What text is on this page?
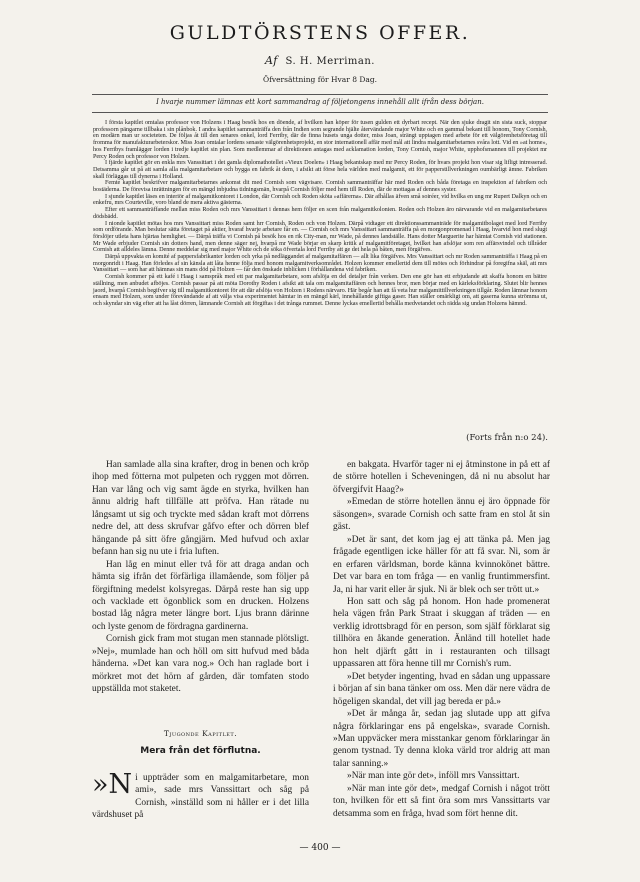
GULDTÖRSTENS OFFER.
Af S. H. Merriman.
Öfversättning för Hvar 8 Dag.
I hvarje nummer lämnas ett kort sammandrag af följetongens innehåll allt ifrån dess början.

I första kapitlet omtalas professor von Holzens i Haag besök hos en döende, af hvilken han köper för tusen gulden ett dyrbart recept. När den sjuke dragit sin sista suck, stoppar professorn pängarne tillbaka i sin plånbok. I andra kapitlet sammanträffa den från Indien som segrande hjälte återvändande major White och en gammal bekant till honom, Tony Cornish, en modärn man ur societeten. De följas åt till den senares onkel, lord Ferriby, där de finna husets unga dotter, miss Joan, strängt upptagen med arbete för ett välgörenhetsföretag till fromma för manufakturarbeterskor. Miss Joan omtalar lordens senaste välgörenhetsprojekt, en stor internationell affär med mål att lindra malgamitarbetarnes svåra lott. Vid en »at home», hos Ferribys framlägger lorden i tredje kapitlet sin plan. Som medlemmar af direktionen antagas med acklamation lorden, Tony Cornish, major White, upphofsmannen till projektet mr Percy Roden och professor von Holzen.

I fjärde kapitlet gör en enkla mrs Vanssittart i det gamla diplomathotellet »Vieux Doelen» i Haag bekantskap med mr Percy Roden, för hvars projekt hon visar sig lifligt intresserad. Detsamma går ut på att samla alla malgamitarbetare och bygga en fabrik åt dem, i afsikt att förse hela världen med malgamit, ett för papperstillverkningen oumbärligt ämne. Fabriken skall förläggas till dynerna i Holland.

Femte kapitlet beskrifver malgamitarbetarnes ankomst dit med Cornish som vägvisare. Cornish sammanträffar här med Roden och båda företaga en inspektion af fabriken och bostäderna. De förevisa inrättningen för en mängd inbjudna tidningsmän, hvarpå Cornish följer med hem till Roden, där de mottagas af dennes syster.

I sjunde kapitlet läses en interiör af malgamitkontoret i London, där Cornish och Roden sköta »affärerna». Där afhållas äfven små soiréer, vid hvilka en ung mr Rupert Dalkyn och en enkefru, mrs Courteville, voro bland de mera aktiva gästerna.

Efter ett sammanträffande mellan miss Roden och mrs Vanssittart i dennas hem följer en scen från malgamitkolonien. Roden och Holzen äro närvarande vid en malgamitarbetares dödsbädd.

I nionde kapitlet mötas hos mrs Vanssittart miss Roden samt hrr Cornish, Roden och von Holzen. Därpå vidtager ett direktionssammanträde för malgamitbolaget med lord Ferriby som ordförande. Man beslutar sätta företaget på aktier, hvaraf hvarje arbetare får en. — Cornish och mrs Vanssittart sammanträffa på en morgonpromenad i Haag, hvarvid hon med slugt förslöjer utleta hans hjärtas hemlighet. — Därpå träffa vi Cornish på besök hos en rik City-man, mr Wade, på dennes landställe. Hans dotter Marguerite har hämtat Cornish vid stationen. Mr Wade erbjuder Cornish sin dotters hand, men denne säger nej, hvarpå mr Wade börjar en skarp kritik af malgamitföretaget, hvilket han afslöjar som ren affärsvindel och tillråder Cornish att alldeles lämna. Denne meddelar sig med major White och de söka öfvertala lord Ferriby att ge det hela på båten, men förgäfves.

Därpå uppvakta en komité af pappersfabrikanter lorden och yrka på nedläggandet af malgamitaffären — allt lika förgäfves. Mrs Vanssittart och mr Roden sammanträffa i Haag på en morgonridt i Haag. Han förledes af sin känsla att låta henne följa med honom malgamitverksområdet. Holzen kommer emellertid dem till mötes och förhindrar på foregifna skäl, att mrs Vanssittart — som har att hämnas sin mans död på Holzen — får den önskade inblicken i förhållandena vid fabriken.

Cornish kommer på ett kafé i Haag i samspråk med ett par malgamitarbetare, som afslöja en del detaljer från verken. Den ene gör han ett erbjudande att skaffa honom en bättre ställning, men anbudet afböjes. Cornish passar på att möta Dorothy Roden i afsikt att tala om malgamitaffären och hennes bror, men börjar med en kärleksförklaring. Slutet blir hennes jaord, hvarpå Cornish begifver sig till malgamitkontoret för att där afslöja von Holzen i Rodens närvaro. Här begår han att få veta hur malgamittillverkningen tillgår. Roden lämnar honom ensam med Holzen, som under förevändande af att välja visa experimentet hämtar in en mängd kärl, innehållande giftiga gaser. Han ställer omärkligt om, att gaserna kunna strömma ut, och skyndar sin väg efter att ha låst dörren, lämnande Cornish att förgiftas i det trånga rummet. Denne lyckas emellertid behålla medvetandet och rädda sig undan Holzens hämnd.

(Forts från n:o 24).

Han samlade alla sina krafter, drog in benen och kröp ihop med fötterna mot pulpeten och ryggen mot dörren. Han var lång och vig samt ägde en styrka, hvilken han ännu aldrig haft tillfälle att pröfva. Han rätade nu långsamt ut sig och tryckte med sådan kraft mot dörrens nedre del, att dess skrufvar gåfvo efter och dörren blef hängande på sitt öfre gångjärn. Med hufvud och axlar befann han sig nu ute i fria luften.

Han låg en minut eller två för att draga andan och hämta sig ifrån det förfärliga illamående, som följer på förgiftning medelst kolsyregas. Därpå reste han sig upp och vacklade ett ögonblick som en drucken. Holzens bostad låg några meter längre bort. Ljus brann därinne och lyste genom de fördragna gardinerna.

Cornish gick fram mot stugan men stannade plötsligt. »Nej», mumlade han och höll om sitt hufvud med båda händerna. »Det kan vara nog.» Och han raglade bort i mörkret mot det hörn af gården, där tomfaten stodo uppställda mot staketet.

Tjugonde Kapitlet.
Mera från det förflutna.
»N i uppträder som en malgamitarbetare, mon ami», sade mrs Vanssittart och såg på Cornish, »inställd som ni håller er i det lilla värdshuset på

en bakgata. Hvarför tager ni ej åtminstone in på ett af de större hotellen i Scheveningen, då ni nu absolut har öfvergifvit Haag?»

»Emedan de större hotellen ännu ej äro öppnade för säsongen», svarade Cornish och satte fram en stol åt sin gäst.

»Det är sant, det kom jag ej att tänka på. Men jag frågade egentligen icke häller för att få svar. Ni, som är en erfaren världsman, borde känna kvinnokönet bättre. Det var bara en tom fråga — en vanlig fruntimmersfint. Ja, ni har varit eller är sjuk. Ni är blek och ser trött ut.»

Hon satt och såg på honom. Hon hade promenerat hela vägen från Park Straat i skuggan af träden — en verklig idrottsbragd för en person, som själf förklarat sig tillhöra en åkande generation. Änländ till hotellet hade hon helt djärft gått in i restauranten och tillsagt uppassaren att föra henne till mr Cornish's rum.

»Det betyder ingenting, hvad en sådan ung uppassare i början af sin bana tänker om oss. Men där nere vädra de högeligen skandal, det vill jag bereda er på.»

»Det är många år, sedan jag slutade upp att gifva några förklaringar ens på engelska», svarade Cornish. »Man uppväcker mera misstankar genom förklaringar än genom tystnad. Ty denna kloka värld tror aldrig att man talar sanning.»

»När man inte gör det», inföll mrs Vanssittart.

»När man inte gör det», medgaf Cornish i något trött ton, hvilken för ett så fint öra som mrs Vanssittarts var detsamma som en fråga, hvad som fört henne dit.

— 400 —
